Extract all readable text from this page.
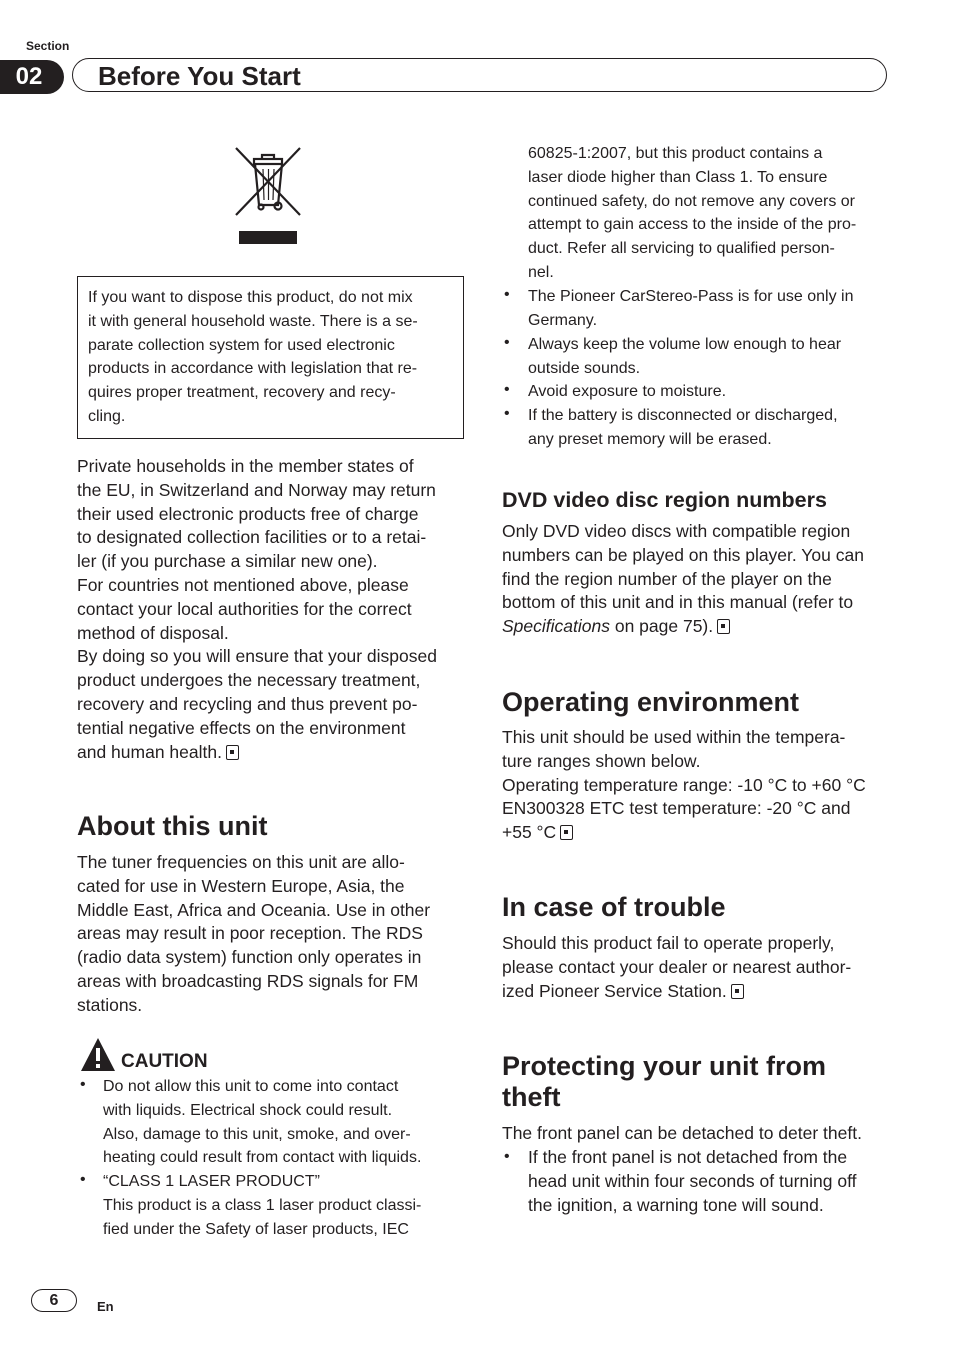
Section
02	Before You Start
If you want to dispose this product, do not mix
it with general household waste. There is a se-
parate collection system for used electronic
products in accordance with legislation that re-
quires proper treatment, recovery and recy-
cling.
Private households in the member states of
the EU, in Switzerland and Norway may return
their used electronic products free of charge
to designated collection facilities or to a retai-
ler (if you purchase a similar new one).
For countries not mentioned above, please
contact your local authorities for the correct
method of disposal.
By doing so you will ensure that your disposed
product undergoes the necessary treatment,
recovery and recycling and thus prevent po-
tential negative effects on the environment
and human health.
About this unit
The tuner frequencies on this unit are allo-
cated for use in Western Europe, Asia, the
Middle East, Africa and Oceania. Use in other
areas may result in poor reception. The RDS
(radio data system) function only operates in
areas with broadcasting RDS signals for FM
stations.
CAUTION
• Do not allow this unit to come into contact
with liquids. Electrical shock could result.
Also, damage to this unit, smoke, and over-
heating could result from contact with liquids.
• “CLASS 1 LASER PRODUCT”
This product is a class 1 laser product classi-
fied under the Safety of laser products, IEC
60825-1:2007, but this product contains a
laser diode higher than Class 1. To ensure
continued safety, do not remove any covers or
attempt to gain access to the inside of the pro-
duct. Refer all servicing to qualified person-
nel.
• The Pioneer CarStereo-Pass is for use only in
Germany.
• Always keep the volume low enough to hear
outside sounds.
• Avoid exposure to moisture.
• If the battery is disconnected or discharged,
any preset memory will be erased.
DVD video disc region numbers
Only DVD video discs with compatible region
numbers can be played on this player. You can
find the region number of the player on the
bottom of this unit and in this manual (refer to
Specifications on page 75).
Operating environment
This unit should be used within the tempera-
ture ranges shown below.
Operating temperature range: -10 °C to +60 °C
EN300328 ETC test temperature: -20 °C and
+55 °C
In case of trouble
Should this product fail to operate properly,
please contact your dealer or nearest author-
ized Pioneer Service Station.
Protecting your unit from
theft
The front panel can be detached to deter theft.
• If the front panel is not detached from the
head unit within four seconds of turning off
the ignition, a warning tone will sound.
6	En
